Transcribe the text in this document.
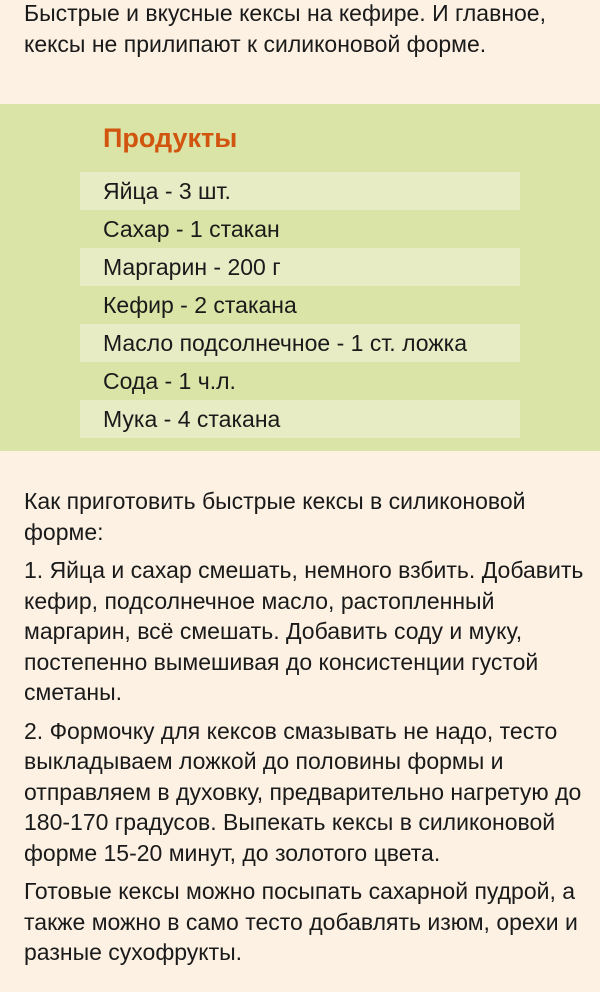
Быстрые и вкусные кексы на кефире. И главное, кексы не прилипают к силиконовой форме.
Продукты
Яйца - 3 шт.
Сахар - 1 стакан
Маргарин - 200 г
Кефир - 2 стакана
Масло подсолнечное - 1 ст. ложка
Сода - 1 ч.л.
Мука - 4 стакана

Как приготовить быстрые кексы в силиконовой форме:

1. Яйца и сахар смешать, немного взбить. Добавить кефир, подсолнечное масло, растопленный маргарин, всё смешать. Добавить соду и муку, постепенно вымешивая до консистенции густой сметаны.

2. Формочку для кексов смазывать не надо, тесто выкладываем ложкой до половины формы и отправляем в духовку, предварительно нагретую до 180-170 градусов. Выпекать кексы в силиконовой форме 15-20 минут, до золотого цвета.

Готовые кексы можно посыпать сахарной пудрой, а также можно в само тесто добавлять изюм, орехи и разные сухофрукты.
